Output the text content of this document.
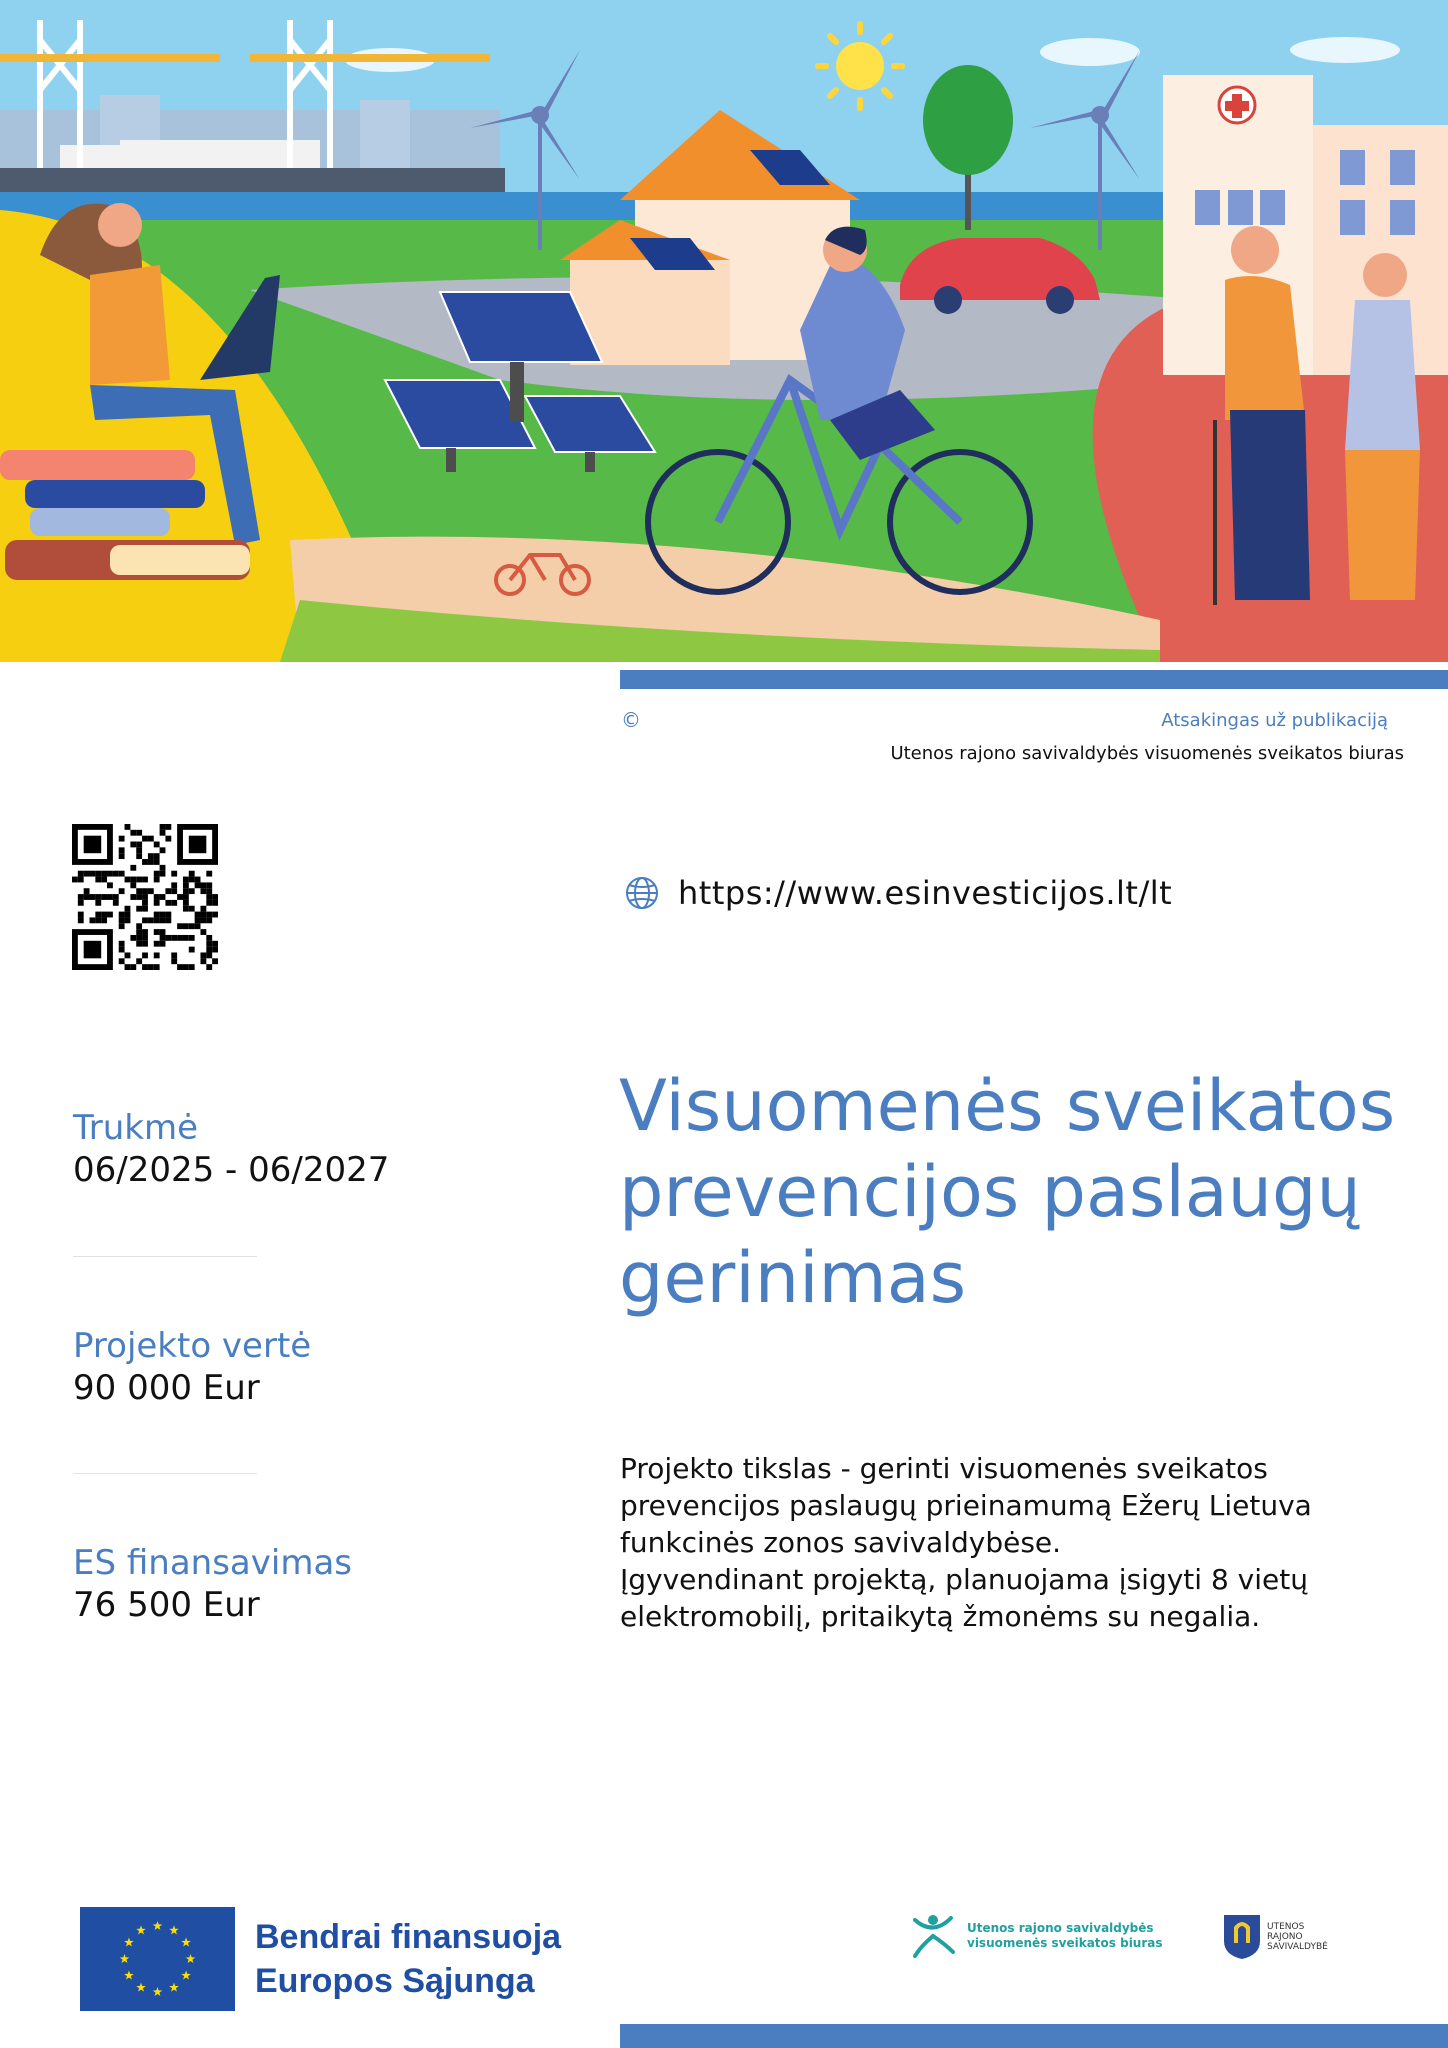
©	Atsakingas už publikaciją
Utenos rajono savivaldybės visuomenės sveikatos biuras
https://www.esinvesticijos.lt/lt
Trukmė
06/2025 - 06/2027
Projekto vertė
90 000 Eur
ES finansavimas
76 500 Eur
Visuomenės sveikatos
prevencijos paslaugų
gerinimas

Projekto tikslas - gerinti visuomenės sveikatos

prevencijos paslaugų prieinamumą Ežerų Lietuva

funkcinės zonos savivaldybėse.

Įgyvendinant projektą, planuojama įsigyti 8 vietų

elektromobilį, pritaikytą žmonėms su negalia.

Bendrai finansuoja
Europos Sąjunga
Utenos rajono savivaldybės
visuomenės sveikatos biuras
UTENOS
RAJONO
SAVIVALDYBĖ
